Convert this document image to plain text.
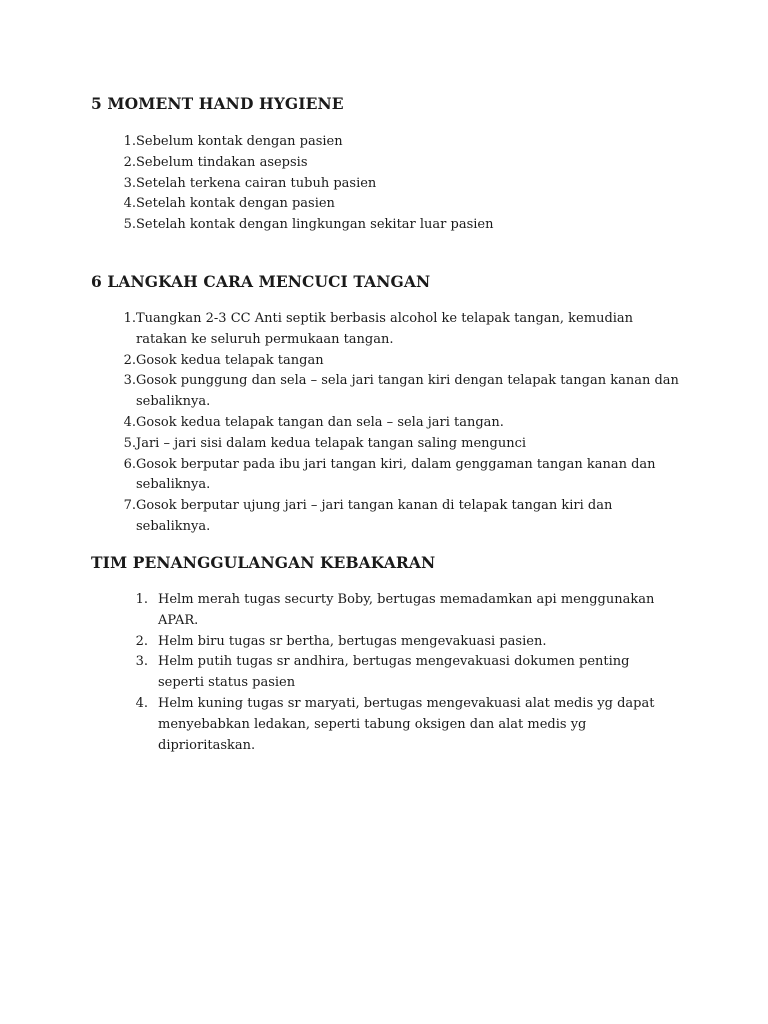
5 MOMENT HAND HYGIENE
1. Sebelum kontak dengan pasien
2. Sebelum tindakan asepsis
3. Setelah terkena cairan tubuh pasien
4. Setelah kontak dengan pasien
5. Setelah kontak dengan lingkungan sekitar luar pasien
6 LANGKAH CARA MENCUCI TANGAN
1. Tuangkan 2-3 CC Anti septik berbasis alcohol ke telapak tangan, kemudian ratakan ke seluruh permukaan tangan.
2. Gosok kedua telapak tangan
3. Gosok punggung dan sela – sela jari tangan kiri dengan telapak tangan kanan dan sebaliknya.
4. Gosok kedua telapak tangan dan sela – sela jari tangan.
5. Jari – jari sisi dalam kedua telapak tangan saling mengunci
6. Gosok berputar pada ibu jari tangan kiri, dalam genggaman tangan kanan dan sebaliknya.
7. Gosok berputar ujung jari – jari tangan kanan di telapak tangan kiri dan sebaliknya.
TIM PENANGGULANGAN KEBAKARAN
1. Helm merah tugas securty Boby, bertugas memadamkan api menggunakan APAR.
2. Helm biru tugas sr bertha, bertugas mengevakuasi pasien.
3. Helm putih tugas sr andhira, bertugas mengevakuasi dokumen penting seperti status pasien
4. Helm kuning tugas sr maryati, bertugas mengevakuasi alat medis yg dapat menyebabkan ledakan, seperti tabung oksigen dan alat medis yg diprioritaskan.
